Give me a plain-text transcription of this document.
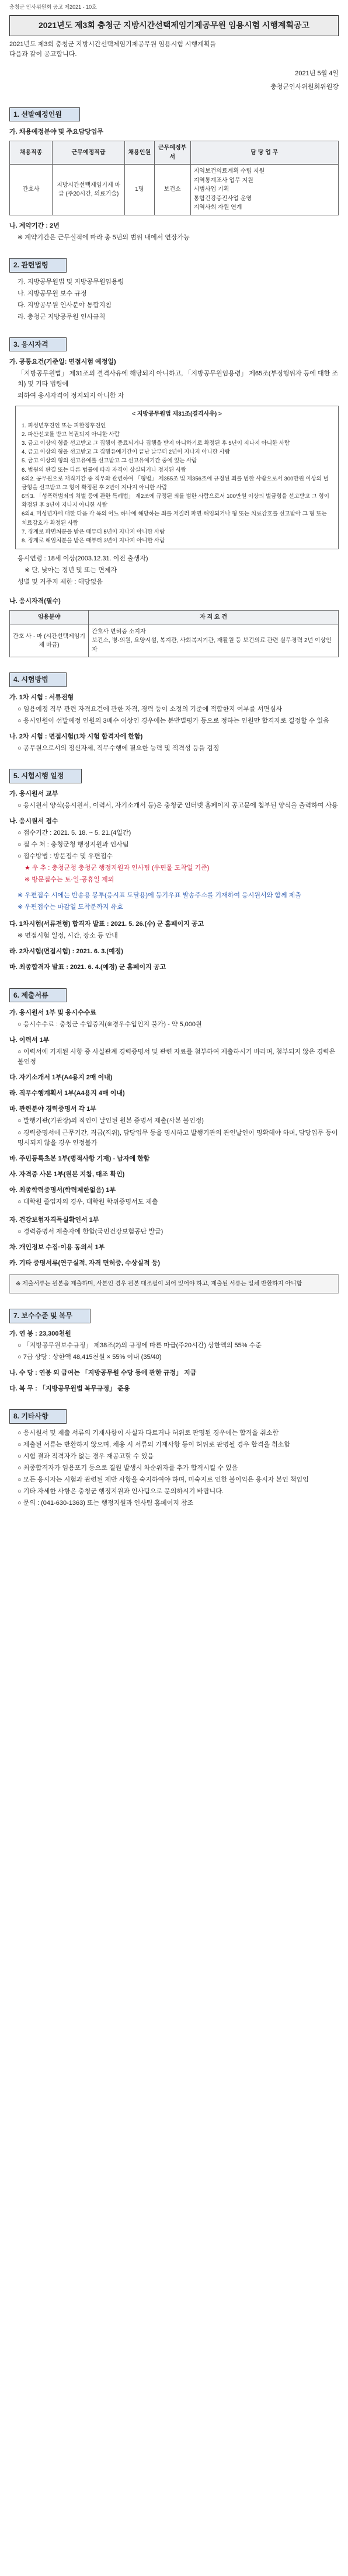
충청군 인사위원회 공고 제2021 - 10호
2021년도 제3회 충청군 지방시간선택제임기제공무원 임용시험 시행계획공고
2021년도 제3회 충청군 지방시간선택제임기제공무원 임용시험 시행계획을
다음과 같이 공고합니다.
2021년 5월 4일
충청군인사위원회위원장
1. 선발예정인원
가. 채용예정분야 및 주요담당업무
채용직종	근무예정직급	채용인원	근무예정부서	담 당 업 무
간호사	지방시간선택제임기제 마급 (주20시간, 의료기술)	1명	보건소	지역보건의료계획 수립 지원
지역통계조사 업무 지원
시범사업 기획
통합건강증진사업 운영
지역사회 자원 연계
나. 계약기간 : 2년
※ 계약기간은 근무실적에 따라 총 5년의 범위 내에서 연장가능
2. 관련법령
가. 지방공무원법 및 지방공무원임용령
나. 지방공무원 보수 규정
다. 지방공무원 인사분야 통합지침
라. 충청군 지방공무원 인사규칙
3. 응시자격
가. 공통요건(기준일: 면접시험 예정일)
「지방공무원법」 제31조의 결격사유에 해당되지 아니하고, 「지방공무원임용령」 제65조(부정행위자 등에 대한 조치) 및 기타 법령에
의하여 응시자격이 정지되지 아니한 자
< 지방공무원법 제31조(결격사유) >
1. 피성년후견인 또는 피한정후견인
2. 파산선고를 받고 복권되지 아니한 사람
3. 금고 이상의 형을 선고받고 그 집행이 종료되거나 집행을 받지 아니하기로 확정된 후 5년이 지나지 아니한 사람
4. 금고 이상의 형을 선고받고 그 집행유예기간이 끝난 날부터 2년이 지나지 아니한 사람
5. 금고 이상의 형의 선고유예를 선고받고 그 선고유예기간 중에 있는 사람
6. 법원의 판결 또는 다른 법률에 따라 자격이 상실되거나 정지된 사람
6의2. 공무원으로 재직기간 중 직무와 관련하여 「형법」 제355조 및 제356조에 규정된 죄를 범한 사람으로서 300만원 이상의 벌금형을 선고받고 그 형이 확정된 후 2년이 지나지 아니한 사람
6의3. 「성폭력범죄의 처벌 등에 관한 특례법」 제2조에 규정된 죄를 범한 사람으로서 100만원 이상의 벌금형을 선고받고 그 형이 확정된 후 3년이 지나지 아니한 사람
6의4. 미성년자에 대한 다음 각 목의 어느 하나에 해당하는 죄를 저질러 파면·해임되거나 형 또는 치료감호를 선고받아 그 형 또는 치료감호가 확정된 사람
7. 징계로 파면처분을 받은 때부터 5년이 지나지 아니한 사람
8. 징계로 해임처분을 받은 때부터 3년이 지나지 아니한 사람
응시연령 : 18세 이상(2003.12.31. 이전 출생자)
※ 단, 낮아는 정년 및 또는 면제자
성별 및 거주지 제한 : 해당없음
나. 응시자격(필수)
임용분야	자 격 요 건
간호 사 · 마 (시간선택제임기제 마급)	간호사 면허증 소지자
보건소, 병·의원, 요양시설, 복지관, 사회복지기관, 재활원 등 보건의료 관련 실무경력 2년 이상인 자
4. 시험방법
가. 1차 시험 : 서류전형
○ 임용예정 직무 관련 자격요건에 관한 자격, 경력 등이 소정의 기준에 적합한지 여부를 서면심사
○ 응시인원이 선발예정 인원의 3배수 이상인 경우에는 분반별평가 등으로 정하는 인원만 합격자로 결정할 수 있음
나. 2차 시험 : 면접시험(1차 시험 합격자에 한함)
○ 공무원으로서의 정신자세, 직무수행에 필요한 능력 및 적격성 등을 검정
5. 시험시행 일정
가. 응시원서 교부
○ 응시원서 양식(응시원서, 이력서, 자기소개서 등)은 충청군 인터넷 홈페이지 공고문에 첨부된 양식을 출력하여 사용
나. 응시원서 접수
○ 접수기간 : 2021. 5. 18. ~ 5. 21.(4일간)
○ 접 수 처 : 충청군청 행정지원과 인사팀
○ 접수방법 : 방문접수 및 우편접수
★ 우 추 : 충청군청 충청군 행정지원과 인사팀 (우편물 도착일 기준)
※ 방문접수는 토·일·공휴일 제외
※ 우편접수 시에는 반송용 봉투(응시표 도달용)에 등기우표 발송주소를 기재하여 응시원서와 함께 제출
※ 우편접수는 마감일 도착분까지 유효
다. 1차시험(서류전형) 합격자 발표 : 2021. 5. 26.(수) 군 홈페이지 공고
※ 면접시험 일정, 시간, 장소 등 안내
라. 2차시험(면접시험) : 2021. 6. 3.(예정)
마. 최종합격자 발표 : 2021. 6. 4.(예정) 군 홈페이지 공고
6. 제출서류
가. 응시원서 1부 및 응시수수료
○ 응시수수료 : 충청군 수입증지(※경우수입인지 불가) - 약 5,000원
나. 이력서 1부
○ 이력서에 기재된 사항 중 사실관계 경력증명서 및 관련 자료를 첨부하여 제출하시기 바라며, 첨부되지 않은 경력은 불인정
다. 자기소개서 1부(A4용지 2매 이내)
라. 직무수행계획서 1부(A4용지 4매 이내)
마. 관련분야 경력증명서 각 1부
○ 발행기관(기관장)의 직인이 날인된 원본 증명서 제출(사본 불인정)
○ 경력증명서에 근무기간, 직급(직위), 담당업무 등을 명시하고 발행기관의 관인날인이 명확해야 하며, 담당업무 등이 명시되지 않을 경우 인정불가
바. 주민등록초본 1부(병적사항 기재) - 남자에 한함
사. 자격증 사본 1부(원본 지참, 대조 확인)
아. 최종학력증명서(학력제한없음) 1부
○ 대학원 졸업자의 경우, 대학원 학위증명서도 제출
자. 건강보험자격득실확인서 1부
○ 경력증명서 제출자에 한함(국민건강보험공단 발급)
차. 개인정보 수집·이용 동의서 1부
카. 기타 증명서류(연구실적, 자격 면허증, 수상실적 등)
※ 제출서류는 원본을 제출하며, 사본인 경우 원본 대조필이 되어 있어야 하고, 제출된 서류는 일체 반환하지 아니함
7. 보수수준 및 복무
가. 연 봉 : 23,300천원
○ 「지방공무원보수규정」 제38조(2)의 규정에 따른 마급(주20시간) 상한액의 55% 수준
○ 7급 상당 : 상한액 48,415천원 × 55% 이내 (35/40)
나. 수 당 : 연봉 외 급여는 「지방공무원 수당 등에 관한 규정」 지급
다. 복 무 : 「지방공무원법 복무규정」 준용
8. 기타사항
○ 응시원서 및 제출 서류의 기재사항이 사실과 다르거나 허위로 판명된 경우에는 합격을 취소함
○ 제출된 서류는 반환하지 않으며, 채용 시 서류의 기재사항 등이 허위로 판명될 경우 합격을 취소함
○ 시험 결과 적격자가 없는 경우 재공고할 수 있음
○ 최종합격자가 임용포기 등으로 결원 발생시 차순위자를 추가 합격시킬 수 있음
○ 모든 응시자는 시험과 관련된 제반 사항을 숙지하여야 하며, 미숙지로 인한 불이익은 응시자 본인 책임임
○ 기타 자세한 사항은 충청군 행정지원과 인사팀으로 문의하시기 바랍니다.
○ 문의 : (041-630-1363) 또는 행정지원과 인사팀 홈페이지 참조
